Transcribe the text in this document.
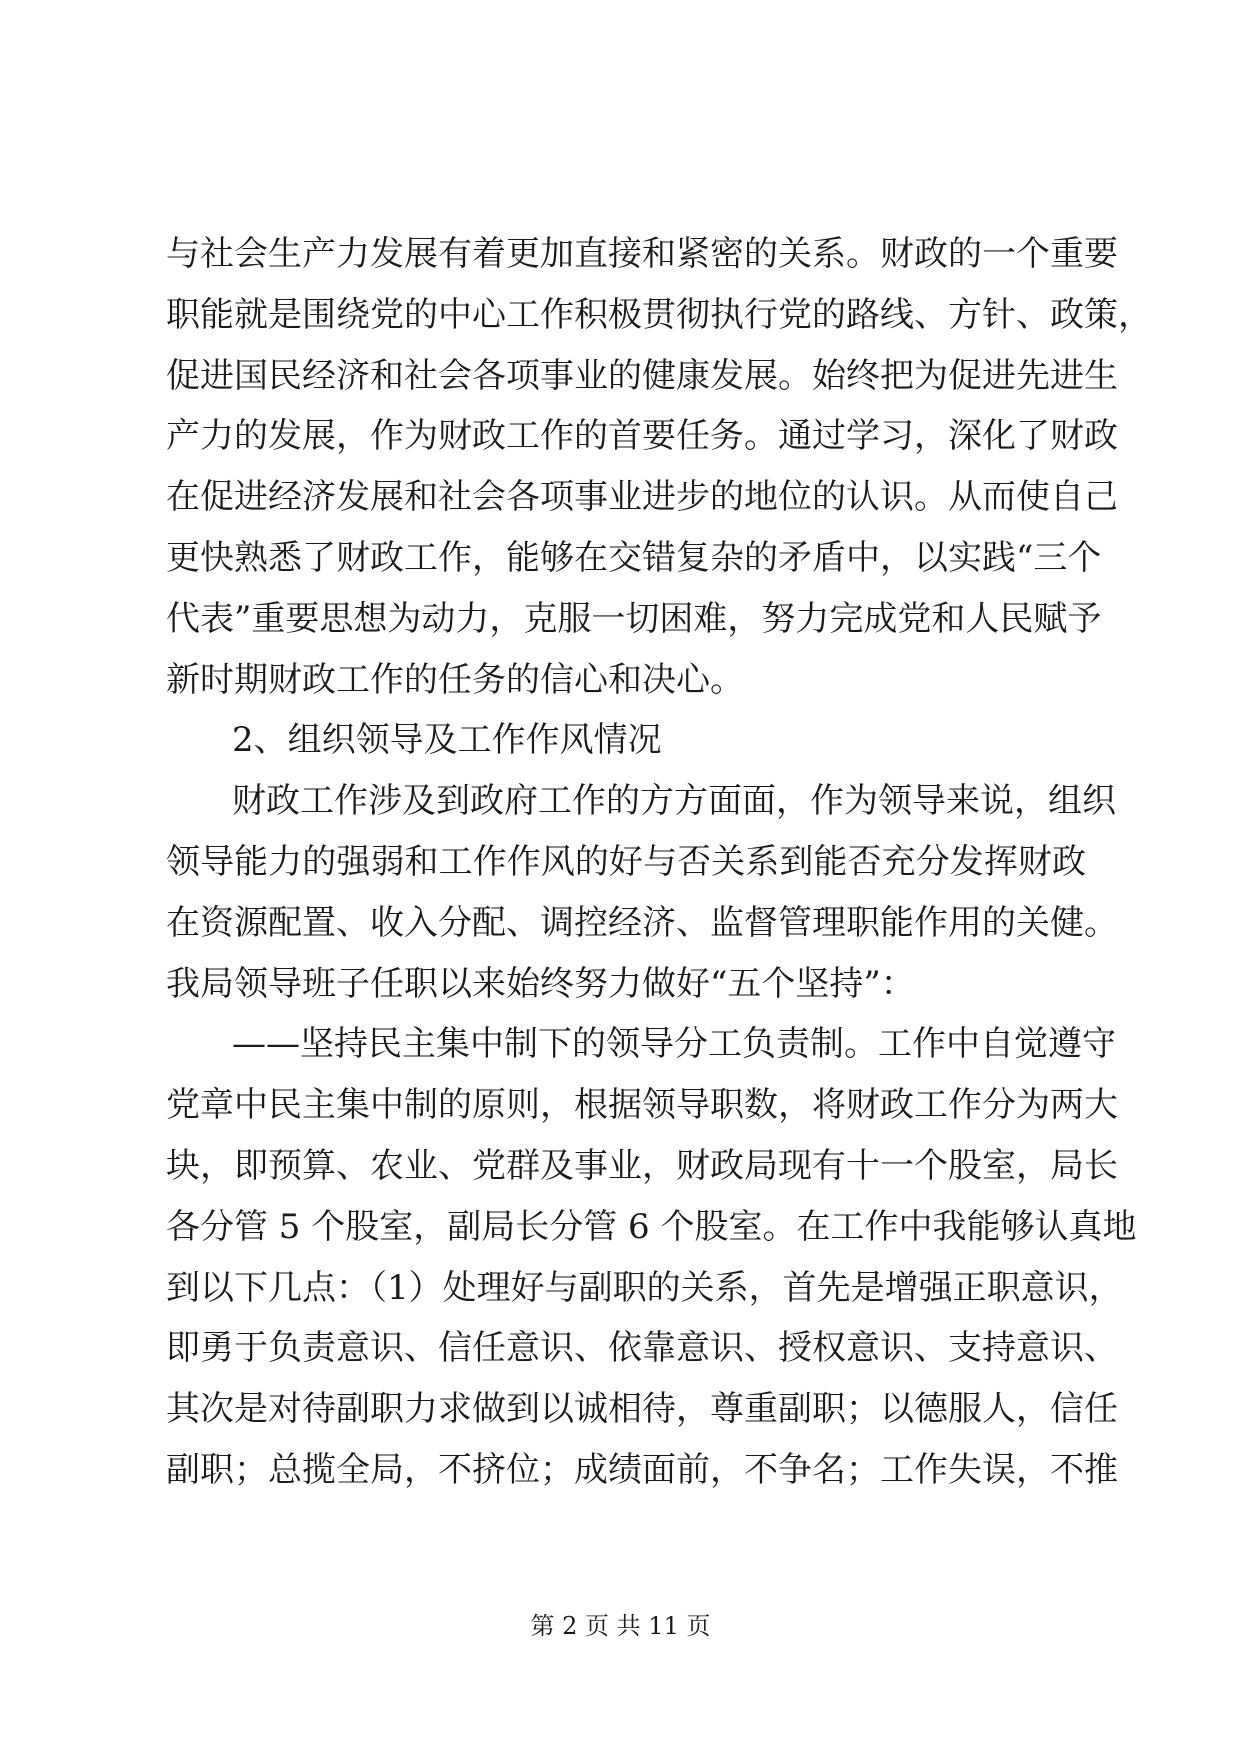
与社会生产力发展有着更加直接和紧密的关系。财政的一个重要
职能就是围绕党的中心工作积极贯彻执行党的路线、方针、政策，
促进国民经济和社会各项事业的健康发展。始终把为促进先进生
产力的发展，作为财政工作的首要任务。通过学习，深化了财政
在促进经济发展和社会各项事业进步的地位的认识。从而使自己
更快熟悉了财政工作，能够在交错复杂的矛盾中，以实践“三个
代表”重要思想为动力，克服一切困难，努力完成党和人民赋予
新时期财政工作的任务的信心和决心。
2、组织领导及工作作风情况
财政工作涉及到政府工作的方方面面，作为领导来说，组织
领导能力的强弱和工作作风的好与否关系到能否充分发挥财政
在资源配置、收入分配、调控经济、监督管理职能作用的关健。
我局领导班子任职以来始终努力做好“五个坚持”：
——坚持民主集中制下的领导分工负责制。工作中自觉遵守
党章中民主集中制的原则，根据领导职数，将财政工作分为两大
块，即预算、农业、党群及事业，财政局现有十一个股室，局长
各分管 5 个股室，副局长分管 6 个股室。在工作中我能够认真地
到以下几点：（1）处理好与副职的关系，首先是增强正职意识，
即勇于负责意识、信任意识、依靠意识、授权意识、支持意识、
其次是对待副职力求做到以诚相待，尊重副职；以德服人，信任
副职；总揽全局，不挤位；成绩面前，不争名；工作失误，不推
第 2 页 共 11 页
